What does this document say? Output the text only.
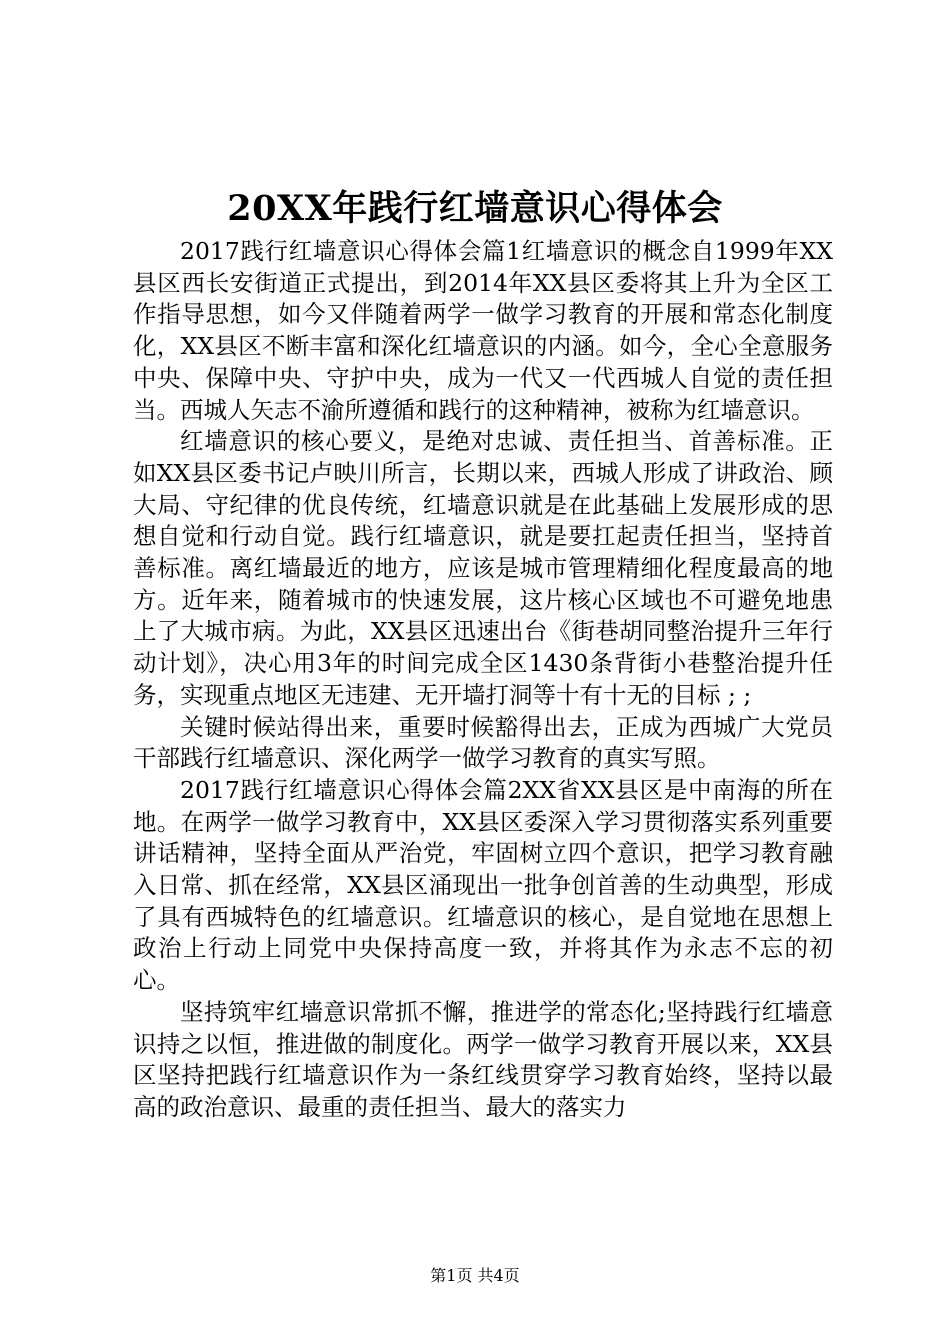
20XX年践行红墙意识心得体会

2017践行红墙意识心得体会篇1红墙意识的概念自1999年XX县区西长安街道正式提出，到2014年XX县区委将其上升为全区工作指导思想，如今又伴随着两学一做学习教育的开展和常态化制度化，XX县区不断丰富和深化红墙意识的内涵。如今，全心全意服务中央、保障中央、守护中央，成为一代又一代西城人自觉的责任担当。西城人矢志不渝所遵循和践行的这种精神，被称为红墙意识。

红墙意识的核心要义，是绝对忠诚、责任担当、首善标准。正如XX县区委书记卢映川所言，长期以来，西城人形成了讲政治、顾大局、守纪律的优良传统，红墙意识就是在此基础上发展形成的思想自觉和行动自觉。践行红墙意识，就是要扛起责任担当，坚持首善标准。离红墙最近的地方，应该是城市管理精细化程度最高的地方。近年来，随着城市的快速发展，这片核心区域也不可避免地患上了大城市病。为此，XX县区迅速出台《街巷胡同整治提升三年行动计划》，决心用3年的时间完成全区1430条背街小巷整治提升任务，实现重点地区无违建、无开墙打洞等十有十无的目标 ; ;

关键时候站得出来，重要时候豁得出去，正成为西城广大党员干部践行红墙意识、深化两学一做学习教育的真实写照。

2017践行红墙意识心得体会篇2XX省XX县区是中南海的所在地。在两学一做学习教育中，XX县区委深入学习贯彻落实系列重要讲话精神，坚持全面从严治党，牢固树立四个意识，把学习教育融入日常、抓在经常，XX县区涌现出一批争创首善的生动典型，形成了具有西城特色的红墙意识。红墙意识的核心，是自觉地在思想上政治上行动上同党中央保持高度一致，并将其作为永志不忘的初心。

坚持筑牢红墙意识常抓不懈，推进学的常态化;坚持践行红墙意识持之以恒，推进做的制度化。两学一做学习教育开展以来，XX县区坚持把践行红墙意识作为一条红线贯穿学习教育始终，坚持以最高的政治意识、最重的责任担当、最大的落实力

第1页 共4页
